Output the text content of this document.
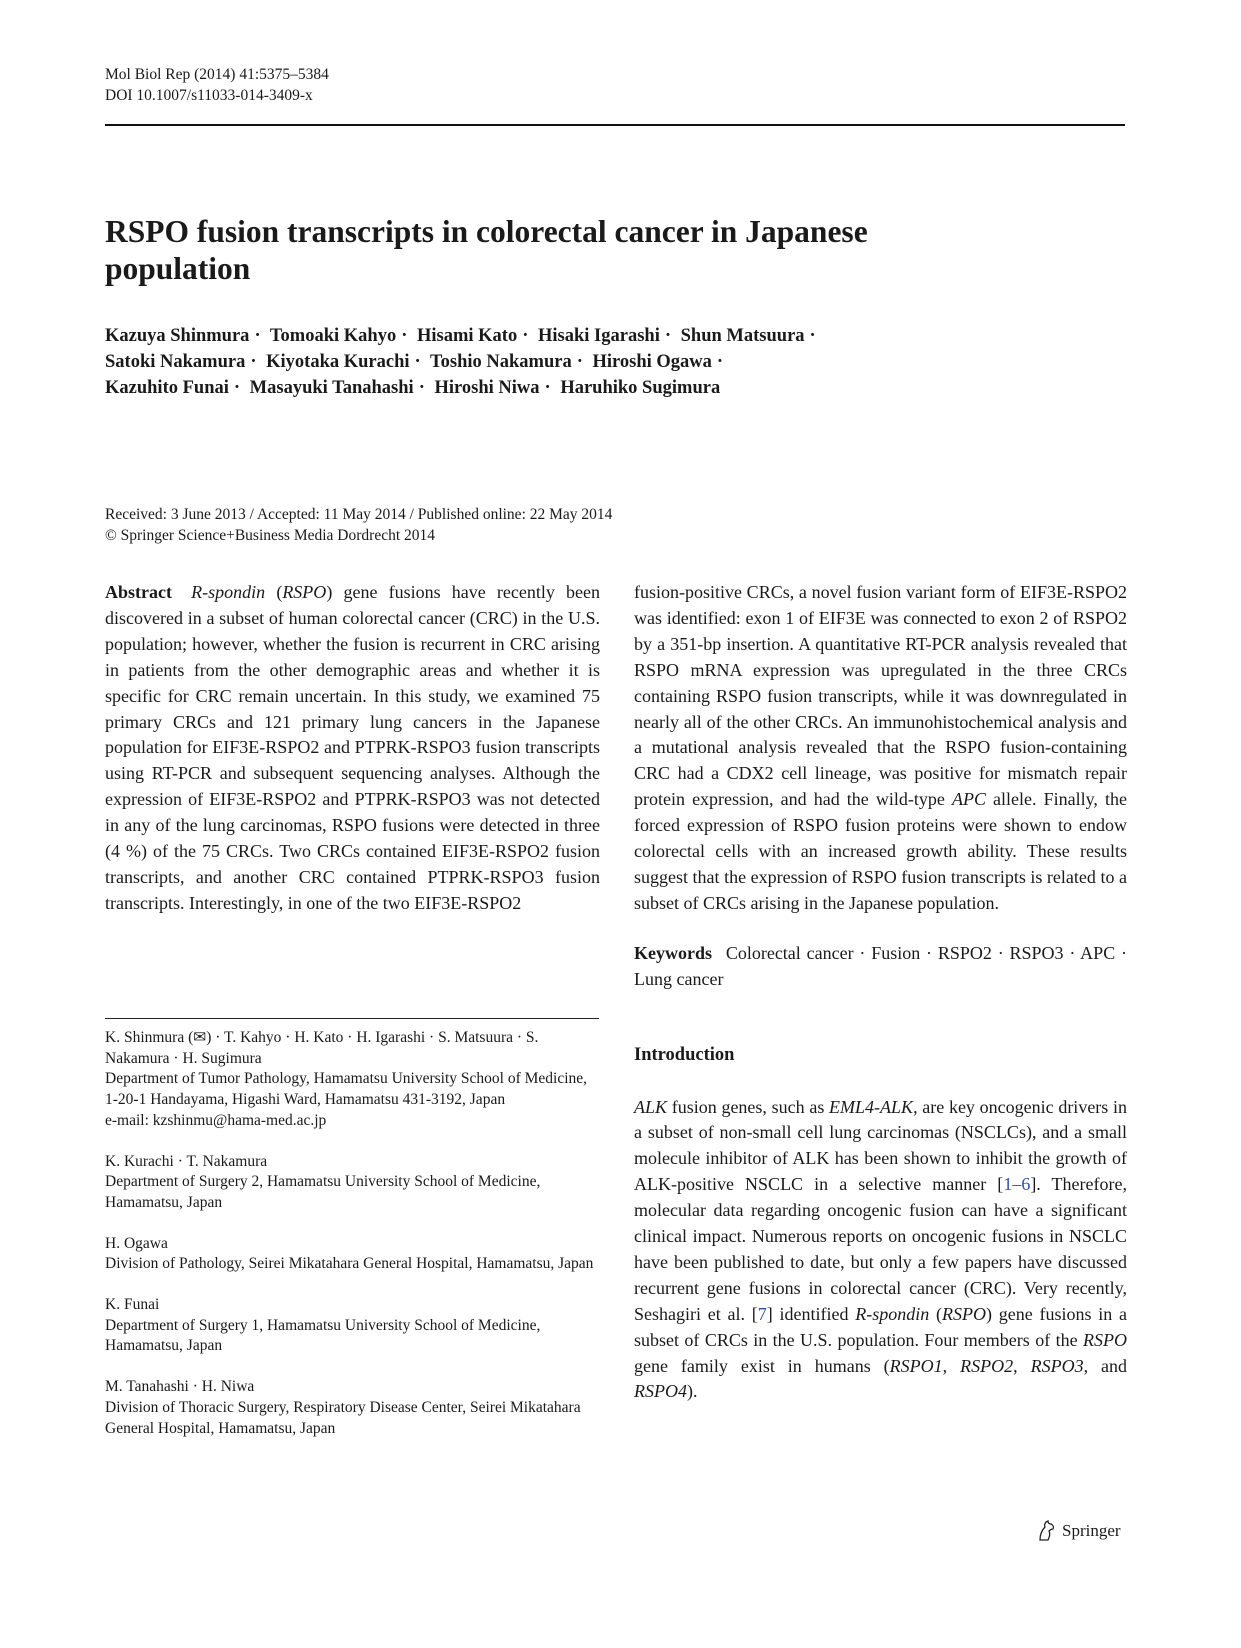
Mol Biol Rep (2014) 41:5375–5384
DOI 10.1007/s11033-014-3409-x
RSPO fusion transcripts in colorectal cancer in Japanese population
Kazuya Shinmura · Tomoaki Kahyo · Hisami Kato · Hisaki Igarashi · Shun Matsuura · Satoki Nakamura · Kiyotaka Kurachi · Toshio Nakamura · Hiroshi Ogawa · Kazuhito Funai · Masayuki Tanahashi · Hiroshi Niwa · Haruhiko Sugimura
Received: 3 June 2013 / Accepted: 11 May 2014 / Published online: 22 May 2014
© Springer Science+Business Media Dordrecht 2014

Abstract R-spondin (RSPO) gene fusions have recently been discovered in a subset of human colorectal cancer (CRC) in the U.S. population; however, whether the fusion is recurrent in CRC arising in patients from the other demographic areas and whether it is specific for CRC remain uncertain. In this study, we examined 75 primary CRCs and 121 primary lung cancers in the Japanese population for EIF3E-RSPO2 and PTPRK-RSPO3 fusion transcripts using RT-PCR and subsequent sequencing analyses. Although the expression of EIF3E-RSPO2 and PTPRK-RSPO3 was not detected in any of the lung carcinomas, RSPO fusions were detected in three (4 %) of the 75 CRCs. Two CRCs contained EIF3E-RSPO2 fusion transcripts, and another CRC contained PTPRK-RSPO3 fusion transcripts. Interestingly, in one of the two EIF3E-RSPO2

K. Shinmura (✉) · T. Kahyo · H. Kato · H. Igarashi · S. Matsuura · S. Nakamura · H. Sugimura
Department of Tumor Pathology, Hamamatsu University School of Medicine, 1-20-1 Handayama, Higashi Ward, Hamamatsu 431-3192, Japan
e-mail: kzshinmu@hama-med.ac.jp
K. Kurachi · T. Nakamura
Department of Surgery 2, Hamamatsu University School of Medicine, Hamamatsu, Japan
H. Ogawa
Division of Pathology, Seirei Mikatahara General Hospital, Hamamatsu, Japan
K. Funai
Department of Surgery 1, Hamamatsu University School of Medicine, Hamamatsu, Japan
M. Tanahashi · H. Niwa
Division of Thoracic Surgery, Respiratory Disease Center, Seirei Mikatahara General Hospital, Hamamatsu, Japan

fusion-positive CRCs, a novel fusion variant form of EIF3E-RSPO2 was identified: exon 1 of EIF3E was connected to exon 2 of RSPO2 by a 351-bp insertion. A quantitative RT-PCR analysis revealed that RSPO mRNA expression was upregulated in the three CRCs containing RSPO fusion transcripts, while it was downregulated in nearly all of the other CRCs. An immunohistochemical analysis and a mutational analysis revealed that the RSPO fusion-containing CRC had a CDX2 cell lineage, was positive for mismatch repair protein expression, and had the wild-type APC allele. Finally, the forced expression of RSPO fusion proteins were shown to endow colorectal cells with an increased growth ability. These results suggest that the expression of RSPO fusion transcripts is related to a subset of CRCs arising in the Japanese population.

Keywords Colorectal cancer · Fusion · RSPO2 · RSPO3 · APC · Lung cancer

Introduction

ALK fusion genes, such as EML4-ALK, are key oncogenic drivers in a subset of non-small cell lung carcinomas (NSCLCs), and a small molecule inhibitor of ALK has been shown to inhibit the growth of ALK-positive NSCLC in a selective manner [1–6]. Therefore, molecular data regarding oncogenic fusion can have a significant clinical impact. Numerous reports on oncogenic fusions in NSCLC have been published to date, but only a few papers have discussed recurrent gene fusions in colorectal cancer (CRC). Very recently, Seshagiri et al. [7] identified R-spondin (RSPO) gene fusions in a subset of CRCs in the U.S. population. Four members of the RSPO gene family exist in humans (RSPO1, RSPO2, RSPO3, and RSPO4).

Springer
